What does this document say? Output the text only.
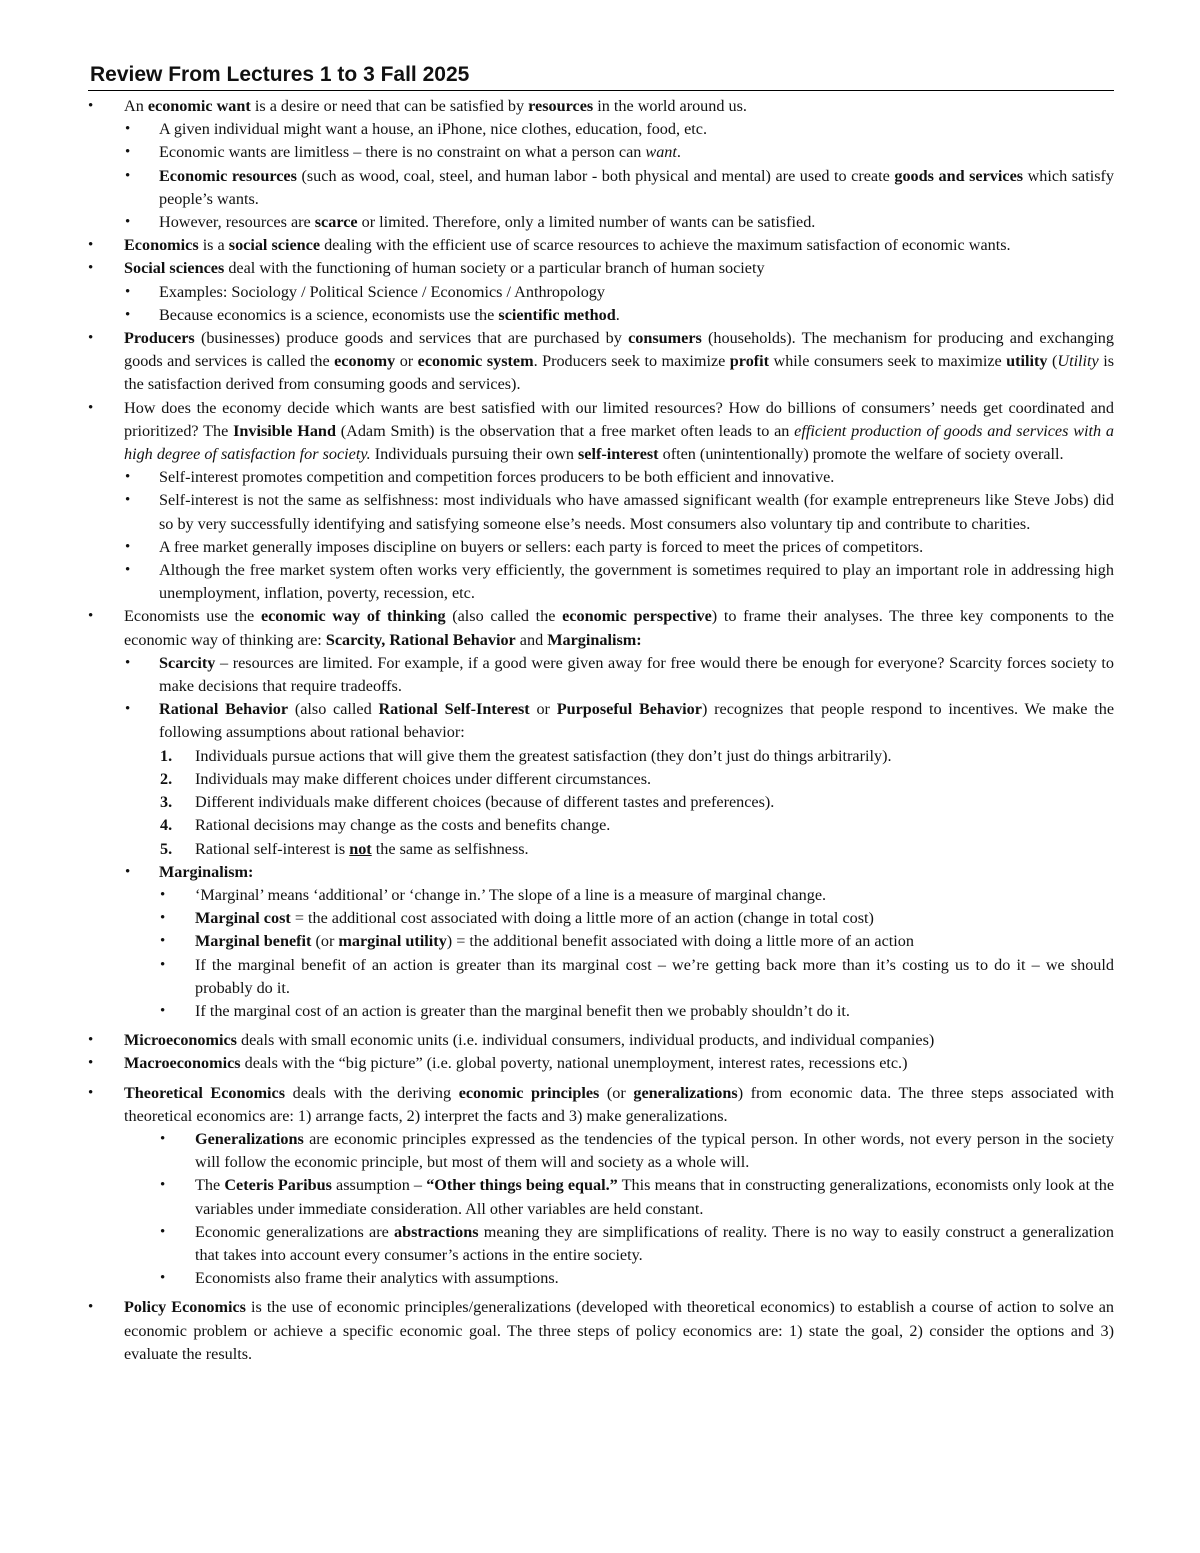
Review From Lectures 1 to 3 Fall 2025
• An economic want is a desire or need that can be satisfied by resources in the world around us.
• A given individual might want a house, an iPhone, nice clothes, education, food, etc.
• Economic wants are limitless – there is no constraint on what a person can want.
• Economic resources (such as wood, coal, steel, and human labor - both physical and mental) are used to create goods and services which satisfy people’s wants.
• However, resources are scarce or limited. Therefore, only a limited number of wants can be satisfied.
• Economics is a social science dealing with the efficient use of scarce resources to achieve the maximum satisfaction of economic wants.
• Social sciences deal with the functioning of human society or a particular branch of human society
• Examples: Sociology / Political Science / Economics / Anthropology
• Because economics is a science, economists use the scientific method.
• Producers (businesses) produce goods and services that are purchased by consumers (households). The mechanism for producing and exchanging goods and services is called the economy or economic system. Producers seek to maximize profit while consumers seek to maximize utility (Utility is the satisfaction derived from consuming goods and services).
• How does the economy decide which wants are best satisfied with our limited resources? How do billions of consumers’ needs get coordinated and prioritized? The Invisible Hand (Adam Smith) is the observation that a free market often leads to an efficient production of goods and services with a high degree of satisfaction for society. Individuals pursuing their own self-interest often (unintentionally) promote the welfare of society overall.
• Self-interest promotes competition and competition forces producers to be both efficient and innovative.
• Self-interest is not the same as selfishness: most individuals who have amassed significant wealth (for example entrepreneurs like Steve Jobs) did so by very successfully identifying and satisfying someone else’s needs. Most consumers also voluntary tip and contribute to charities.
• A free market generally imposes discipline on buyers or sellers: each party is forced to meet the prices of competitors.
• Although the free market system often works very efficiently, the government is sometimes required to play an important role in addressing high unemployment, inflation, poverty, recession, etc.
• Economists use the economic way of thinking (also called the economic perspective) to frame their analyses. The three key components to the economic way of thinking are: Scarcity, Rational Behavior and Marginalism:
• Scarcity – resources are limited. For example, if a good were given away for free would there be enough for everyone? Scarcity forces society to make decisions that require tradeoffs.
• Rational Behavior (also called Rational Self-Interest or Purposeful Behavior) recognizes that people respond to incentives. We make the following assumptions about rational behavior:
1. Individuals pursue actions that will give them the greatest satisfaction (they don’t just do things arbitrarily).
2. Individuals may make different choices under different circumstances.
3. Different individuals make different choices (because of different tastes and preferences).
4. Rational decisions may change as the costs and benefits change.
5. Rational self-interest is not the same as selfishness.
• Marginalism:
• ‘Marginal’ means ‘additional’ or ‘change in.’ The slope of a line is a measure of marginal change.
• Marginal cost = the additional cost associated with doing a little more of an action (change in total cost)
• Marginal benefit (or marginal utility) = the additional benefit associated with doing a little more of an action
• If the marginal benefit of an action is greater than its marginal cost – we’re getting back more than it’s costing us to do it – we should probably do it.
• If the marginal cost of an action is greater than the marginal benefit then we probably shouldn’t do it.
• Microeconomics deals with small economic units (i.e. individual consumers, individual products, and individual companies)
• Macroeconomics deals with the “big picture” (i.e. global poverty, national unemployment, interest rates, recessions etc.)
• Theoretical Economics deals with the deriving economic principles (or generalizations) from economic data. The three steps associated with theoretical economics are: 1) arrange facts, 2) interpret the facts and 3) make generalizations.
• Generalizations are economic principles expressed as the tendencies of the typical person. In other words, not every person in the society will follow the economic principle, but most of them will and society as a whole will.
• The Ceteris Paribus assumption – “Other things being equal.” This means that in constructing generalizations, economists only look at the variables under immediate consideration. All other variables are held constant.
• Economic generalizations are abstractions meaning they are simplifications of reality. There is no way to easily construct a generalization that takes into account every consumer’s actions in the entire society.
• Economists also frame their analytics with assumptions.
• Policy Economics is the use of economic principles/generalizations (developed with theoretical economics) to establish a course of action to solve an economic problem or achieve a specific economic goal. The three steps of policy economics are: 1) state the goal, 2) consider the options and 3) evaluate the results.
